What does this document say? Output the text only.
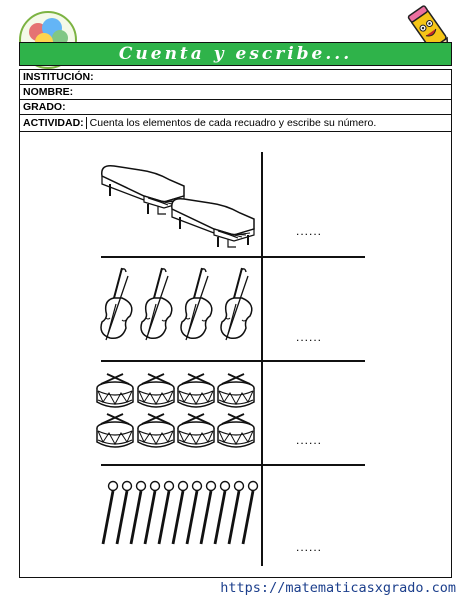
Cuenta y escribe...
INSTITUCIÓN:
NOMBRE:
GRADO:
ACTIVIDAD: Cuenta los elementos de cada recuadro y escribe su número.
......
......
......
......
https://matematicasxgrado.com
